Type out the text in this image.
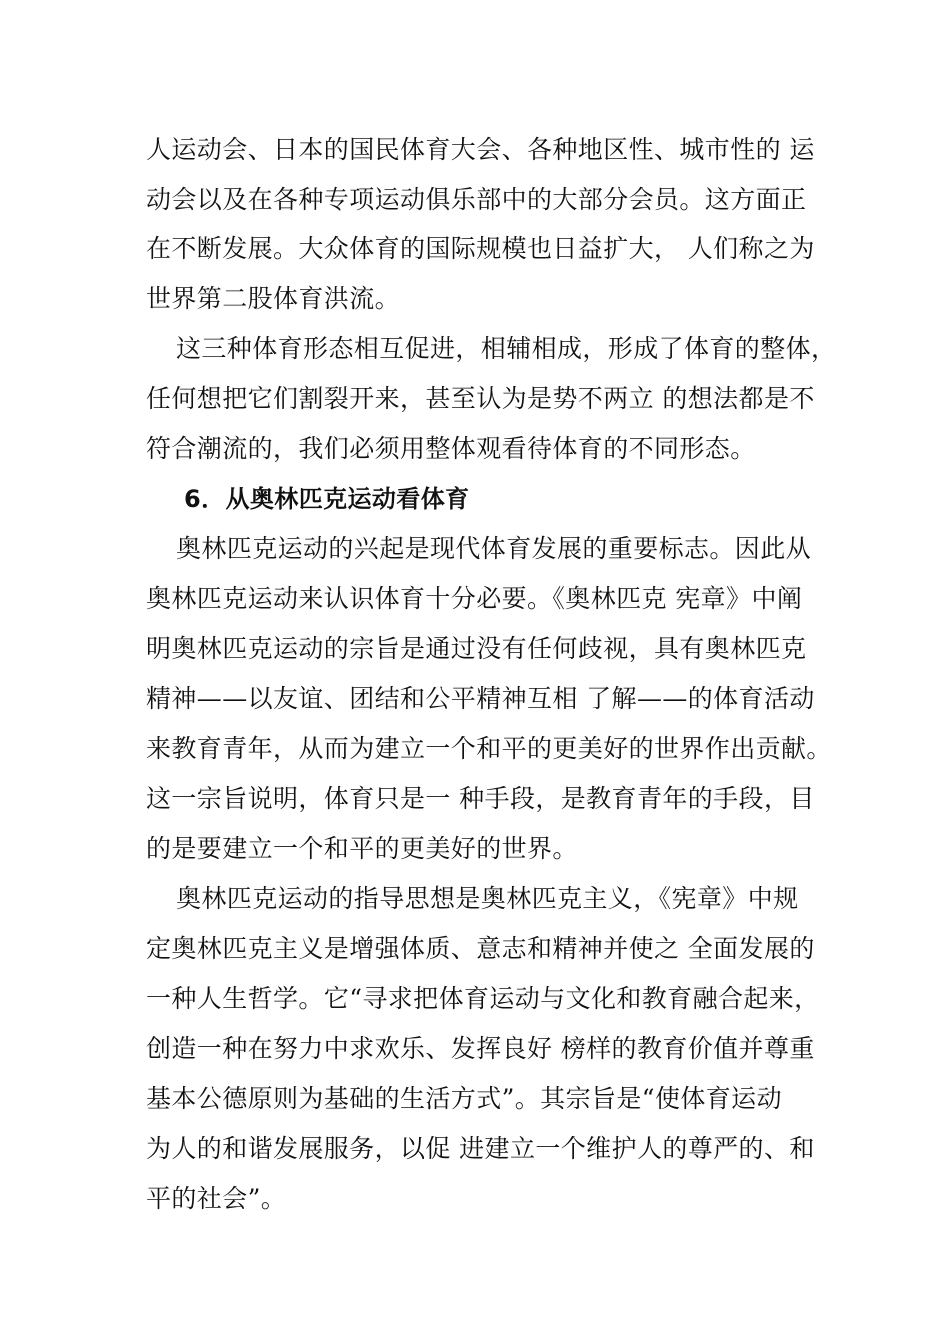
人运动会、日本的国民体育大会、各种地区性、城市性的 运
动会以及在各种专项运动俱乐部中的大部分会员。这方面正
在不断发展。大众体育的国际规模也日益扩大， 人们称之为
世界第二股体育洪流。
这三种体育形态相互促进，相辅相成，形成了体育的整体，
任何想把它们割裂开来，甚至认为是势不两立 的想法都是不
符合潮流的，我们必须用整体观看待体育的不同形态。
6．从奥林匹克运动看体育
奥林匹克运动的兴起是现代体育发展的重要标志。因此从
奥林匹克运动来认识体育十分必要。《奥林匹克 宪章》中阐
明奥林匹克运动的宗旨是通过没有任何歧视，具有奥林匹克
精神——以友谊、团结和公平精神互相 了解——的体育活动
来教育青年，从而为建立一个和平的更美好的世界作出贡献。
这一宗旨说明，体育只是一 种手段，是教育青年的手段，目
的是要建立一个和平的更美好的世界。
奥林匹克运动的指导思想是奥林匹克主义，《宪章》中规
定奥林匹克主义是增强体质、意志和精神并使之 全面发展的
一种人生哲学。它“寻求把体育运动与文化和教育融合起来，
创造一种在努力中求欢乐、发挥良好 榜样的教育价值并尊重
基本公德原则为基础的生活方式”。其宗旨是“使体育运动
为人的和谐发展服务，以促 进建立一个维护人的尊严的、和
平的社会”。
